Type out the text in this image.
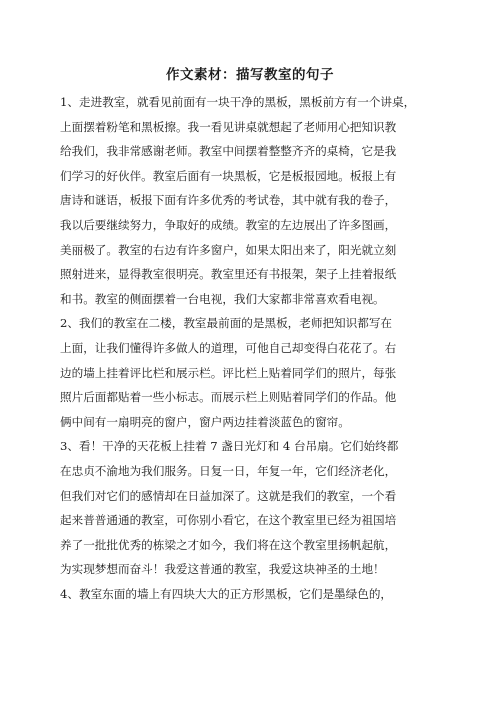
作文素材：描写教室的句子
1、走进教室，就看见前面有一块干净的黑板，黑板前方有一个讲桌，
上面摆着粉笔和黑板擦。我一看见讲桌就想起了老师用心把知识教
给我们，我非常感谢老师。教室中间摆着整整齐齐的桌椅，它是我
们学习的好伙伴。教室后面有一块黑板，它是板报园地。板报上有
唐诗和谜语，板报下面有许多优秀的考试卷，其中就有我的卷子，
我以后要继续努力，争取好的成绩。教室的左边展出了许多图画，
美丽极了。教室的右边有许多窗户，如果太阳出来了，阳光就立刻
照射进来，显得教室很明亮。教室里还有书报架，架子上挂着报纸
和书。教室的侧面摆着一台电视，我们大家都非常喜欢看电视。
2、我们的教室在二楼，教室最前面的是黑板，老师把知识都写在
上面，让我们懂得许多做人的道理，可他自己却变得白花花了。右
边的墙上挂着评比栏和展示栏。评比栏上贴着同学们的照片，每张
照片后面都贴着一些小标志。而展示栏上则贴着同学们的作品。他
俩中间有一扇明亮的窗户，窗户两边挂着淡蓝色的窗帘。
3、看！干净的天花板上挂着 7 盏日光灯和 4 台吊扇。它们始终都
在忠贞不渝地为我们服务。日复一日，年复一年，它们经济老化，
但我们对它们的感情却在日益加深了。这就是我们的教室，一个看
起来普普通通的教室，可你别小看它，在这个教室里已经为祖国培
养了一批批优秀的栋梁之才如今，我们将在这个教室里扬帆起航，
为实现梦想而奋斗！我爱这普通的教室，我爱这块神圣的土地！
4、教室东面的墙上有四块大大的正方形黑板，它们是墨绿色的，
